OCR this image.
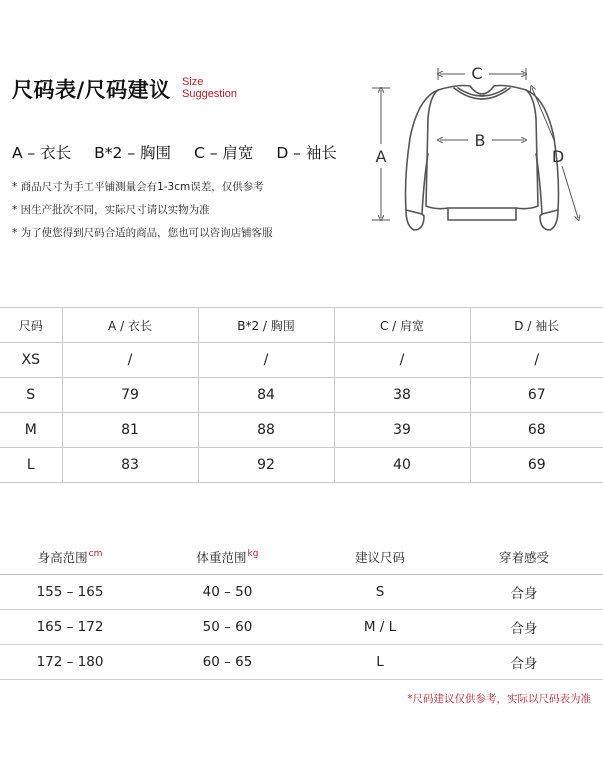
尺码表/尺码建议 Size
Suggestion
A – 衣长 B*2 – 胸围 C – 肩宽 D – 袖长
* 商品尺寸为手工平铺测量会有1-3cm误差，仅供参考
* 因生产批次不同，实际尺寸请以实物为准
* 为了使您得到尺码合适的商品，您也可以咨询店铺客服
C
B
A	D
尺码	A / 衣长	B*2 / 胸围	C / 肩宽	D / 袖长
XS	/	/	/	/
S	79	84	38	67
M	81	88	39	68
L	83	92	40	69
身高范围$^{cm}$	体重范围$^{kg}$	建议尺码	穿着感受
155 – 165	40 – 50	S	合身
165 – 172	50 – 60	M / L	合身
172 – 180	60 – 65	L	合身
*尺码建议仅供参考，实际以尺码表为准
